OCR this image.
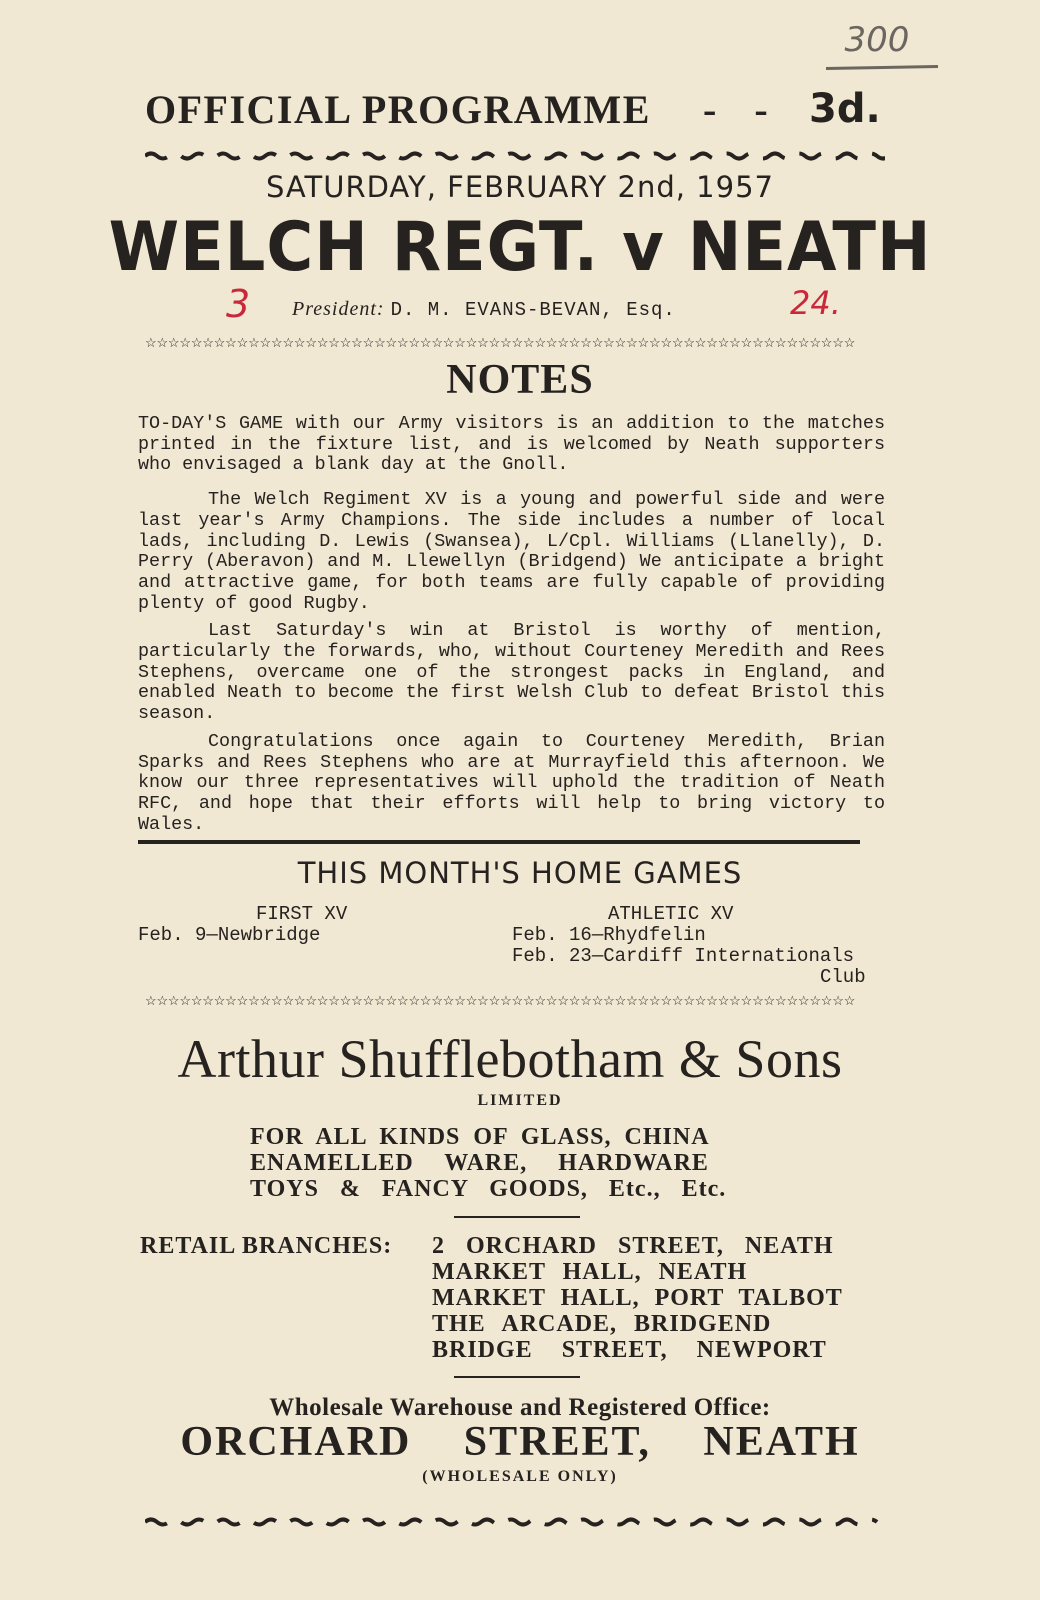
300
OFFICIAL PROGRAMME - - 3d.
SATURDAY, FEBRUARY 2nd, 1957
WELCH REGT. v NEATH
3 President: D. M. EVANS-BEVAN, Esq.	24.
☆☆☆☆☆☆☆☆☆☆☆☆☆☆☆☆☆☆☆☆☆☆☆☆☆☆☆☆☆☆☆☆☆☆☆☆☆☆☆☆☆☆☆☆☆☆☆☆☆☆☆☆☆☆☆☆☆☆☆☆☆☆
NOTES

TO-DAY'S GAME with our Army visitors is an addition to the matches printed in the fixture list, and is welcomed by Neath supporters who envisaged a blank day at the Gnoll.

The Welch Regiment XV is a young and powerful side and were last year's Army Champions. The side includes a number of local lads, including D. Lewis (Swansea), L/Cpl. Williams (Llanelly), D. Perry (Aberavon) and M. Llewellyn (Bridgend) We anticipate a bright and attractive game, for both teams are fully capable of providing plenty of good Rugby.

Last Saturday's win at Bristol is worthy of mention, particularly the forwards, who, without Courteney Meredith and Rees Stephens, overcame one of the strongest packs in England, and enabled Neath to become the first Welsh Club to defeat Bristol this season.

Congratulations once again to Courteney Meredith, Brian Sparks and Rees Stephens who are at Murrayfield this afternoon. We know our three representatives will uphold the tradition of Neath RFC, and hope that their efforts will help to bring victory to Wales.

THIS MONTH'S HOME GAMES
FIRST XV
Feb. 9—Newbridge
ATHLETIC XV
Feb. 16—Rhydfelin
Feb. 23—Cardiff Internationals
Club
☆☆☆☆☆☆☆☆☆☆☆☆☆☆☆☆☆☆☆☆☆☆☆☆☆☆☆☆☆☆☆☆☆☆☆☆☆☆☆☆☆☆☆☆☆☆☆☆☆☆☆☆☆☆☆☆☆☆☆☆☆☆
Arthur Shufflebotham & Sons
LIMITED
FOR ALL KINDS OF GLASS, CHINA
ENAMELLED WARE, HARDWARE
TOYS & FANCY GOODS, Etc., Etc.
RETAIL BRANCHES: 2 ORCHARD STREET, NEATH
MARKET HALL, NEATH
MARKET HALL, PORT TALBOT
THE ARCADE, BRIDGEND
BRIDGE STREET, NEWPORT
Wholesale Warehouse and Registered Office:
ORCHARD STREET, NEATH
(WHOLESALE ONLY)
